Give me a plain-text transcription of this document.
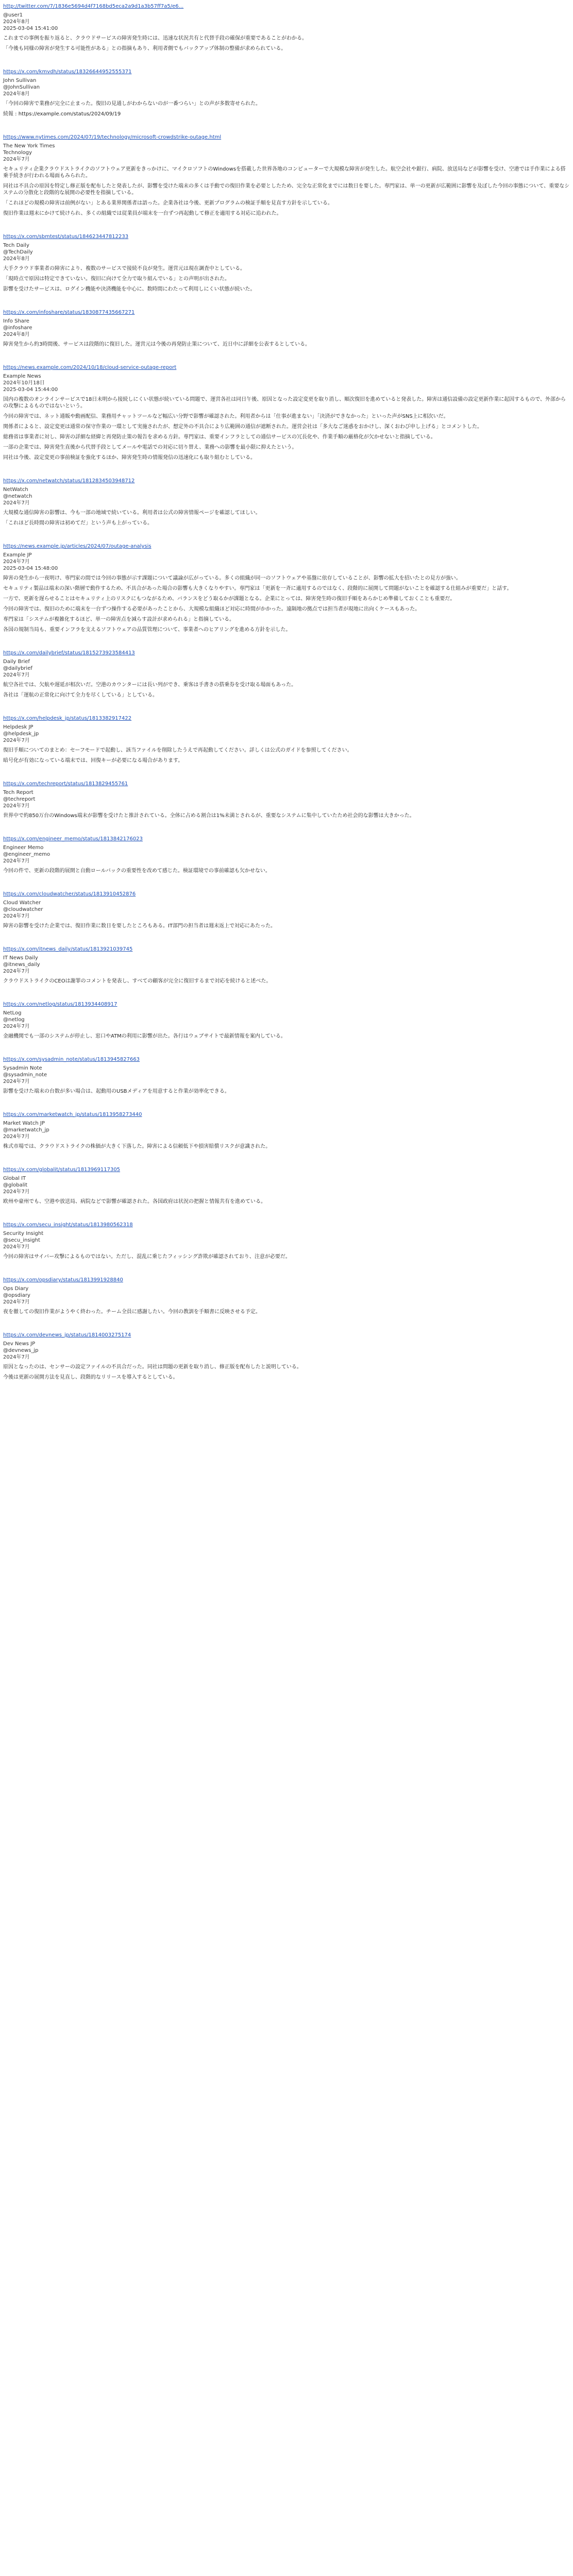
http://twitter.com/7/1836e5694d4f7168bd5eca2a9d1a3b57ff7a5/e6...
@user1
2024年8月
2025-03-04 15:41:00

これまでの事例を振り返ると、クラウドサービスの障害発生時には、迅速な状況共有と代替手段の確保が重要であることがわかる。

「今後も同様の障害が発生する可能性がある」との指摘もあり、利用者側でもバックアップ体制の整備が求められている。

https://x.com/kmvdh/status/18326644952555371
John Sullivan
@JohnSullivan
2024年8月

「今回の障害で業務が完全に止まった。復旧の見通しがわからないのが一番つらい」との声が多数寄せられた。

続報 : https://example.com/status/2024/09/19

https://www.nytimes.com/2024/07/19/technology/microsoft-crowdstrike-outage.html
The New York Times
Technology
2024年7月

セキュリティ企業クラウドストライクのソフトウェア更新をきっかけに、マイクロソフトのWindowsを搭載した世界各地のコンピューターで大規模な障害が発生した。航空会社や銀行、病院、放送局などが影響を受け、空港では手作業による搭乗手続きが行われる場面もみられた。

同社は不具合の原因を特定し修正版を配布したと発表したが、影響を受けた端末の多くは手動での復旧作業を必要としたため、完全な正常化までには数日を要した。専門家は、単一の更新が広範囲に影響を及ぼした今回の事態について、重要なシステムの分散化と段階的な展開の必要性を指摘している。

「これほどの規模の障害は前例がない」とある業界関係者は語った。企業各社は今後、更新プログラムの検証手順を見直す方針を示している。

復旧作業は週末にかけて続けられ、多くの組織では従業員が端末を一台ずつ再起動して修正を適用する対応に追われた。

https://x.com/sbmtest/status/184623447812233
Tech Daily
@TechDaily
2024年8月

大手クラウド事業者の障害により、複数のサービスで接続不良が発生。運営元は現在調査中としている。

「現時点で原因は特定できていない。復旧に向けて全力で取り組んでいる」との声明が出された。

影響を受けたサービスは、ログイン機能や決済機能を中心に、数時間にわたって利用しにくい状態が続いた。

https://x.com/infoshare/status/1830877435667271
Info Share
@infoshare
2024年8月

障害発生から約3時間後、サービスは段階的に復旧した。運営元は今後の再発防止策について、近日中に詳細を公表するとしている。

https://news.example.com/2024/10/18/cloud-service-outage-report
Example News
2024年10月18日
2025-03-04 15:44:00

国内の複数のオンラインサービスで18日未明から接続しにくい状態が続いている問題で、運営各社は同日午後、原因となった設定変更を取り消し、順次復旧を進めていると発表した。障害は通信設備の設定更新作業に起因するもので、外部からの攻撃によるものではないという。

今回の障害では、ネット通販や動画配信、業務用チャットツールなど幅広い分野で影響が確認された。利用者からは「仕事が進まない」「決済ができなかった」といった声がSNS上に相次いだ。

関係者によると、設定変更は通常の保守作業の一環として実施されたが、想定外の不具合により広範囲の通信が遮断された。運営会社は「多大なご迷惑をおかけし、深くおわび申し上げる」とコメントした。

総務省は事業者に対し、障害の詳細な経緯と再発防止策の報告を求める方針。専門家は、重要インフラとしての通信サービスの冗長化や、作業手順の厳格化が欠かせないと指摘している。

一部の企業では、障害発生直後から代替手段としてメールや電話での対応に切り替え、業務への影響を最小限に抑えたという。

同社は今後、設定変更の事前検証を強化するほか、障害発生時の情報発信の迅速化にも取り組むとしている。

https://x.com/netwatch/status/1812834503948712
NetWatch
@netwatch
2024年7月

大規模な通信障害の影響は、今も一部の地域で続いている。利用者は公式の障害情報ページを確認してほしい。

「これほど長時間の障害は初めてだ」という声も上がっている。

https://news.example.jp/articles/2024/07/outage-analysis
Example JP
2024年7月
2025-03-04 15:48:00

障害の発生から一夜明け、専門家の間では今回の事態が示す課題について議論が広がっている。多くの組織が同一のソフトウェアや基盤に依存していることが、影響の拡大を招いたとの見方が強い。

セキュリティ製品は端末の深い階層で動作するため、不具合があった場合の影響も大きくなりやすい。専門家は「更新を一斉に適用するのではなく、段階的に展開して問題がないことを確認する仕組みが重要だ」と話す。

一方で、更新を遅らせることはセキュリティ上のリスクにもつながるため、バランスをどう取るかが課題となる。企業にとっては、障害発生時の復旧手順をあらかじめ準備しておくことも重要だ。

今回の障害では、復旧のために端末を一台ずつ操作する必要があったことから、大規模な組織ほど対応に時間がかかった。遠隔地の拠点では担当者が現地に出向くケースもあった。

専門家は「システムが複雑化するほど、単一の障害点を減らす設計が求められる」と指摘している。

各国の規制当局も、重要インフラを支えるソフトウェアの品質管理について、事業者へのヒアリングを進める方針を示した。

https://x.com/dailybrief/status/1815273923584413
Daily Brief
@dailybrief
2024年7月

航空各社では、欠航や遅延が相次いだ。空港のカウンターには長い列ができ、乗客は手書きの搭乗券を受け取る場面もあった。

各社は「運航の正常化に向けて全力を尽くしている」としている。

https://x.com/helpdesk_jp/status/1813382917422
Helpdesk JP
@helpdesk_jp
2024年7月

復旧手順についてのまとめ：セーフモードで起動し、該当ファイルを削除したうえで再起動してください。詳しくは公式のガイドを参照してください。

暗号化が有効になっている端末では、回復キーが必要になる場合があります。

https://x.com/techreport/status/1813829455761
Tech Report
@techreport
2024年7月

世界中で約850万台のWindows端末が影響を受けたと推計されている。全体に占める割合は1%未満とされるが、重要なシステムに集中していたため社会的な影響は大きかった。

https://x.com/engineer_memo/status/1813842176023
Engineer Memo
@engineer_memo
2024年7月

今回の件で、更新の段階的展開と自動ロールバックの重要性を改めて感じた。検証環境での事前確認も欠かせない。

https://x.com/cloudwatcher/status/1813910452876
Cloud Watcher
@cloudwatcher
2024年7月

障害の影響を受けた企業では、復旧作業に数日を要したところもある。IT部門の担当者は週末返上で対応にあたった。

https://x.com/itnews_daily/status/1813921039745
IT News Daily
@itnews_daily
2024年7月

クラウドストライクのCEOは謝罪のコメントを発表し、すべての顧客が完全に復旧するまで対応を続けると述べた。

https://x.com/netlog/status/1813934408917
NetLog
@netlog
2024年7月

金融機関でも一部のシステムが停止し、窓口やATMの利用に影響が出た。各行はウェブサイトで最新情報を案内している。

https://x.com/sysadmin_note/status/1813945827663
Sysadmin Note
@sysadmin_note
2024年7月

影響を受けた端末の台数が多い場合は、起動用のUSBメディアを用意すると作業が効率化できる。

https://x.com/marketwatch_jp/status/1813958273440
Market Watch JP
@marketwatch_jp
2024年7月

株式市場では、クラウドストライクの株価が大きく下落した。障害による信頼低下や損害賠償リスクが意識された。

https://x.com/globalit/status/1813969117305
Global IT
@globalit
2024年7月

欧州や豪州でも、空港や放送局、病院などで影響が確認された。各国政府は状況の把握と情報共有を進めている。

https://x.com/secu_insight/status/1813980562318
Security Insight
@secu_insight
2024年7月

今回の障害はサイバー攻撃によるものではない。ただし、混乱に乗じたフィッシング詐欺が確認されており、注意が必要だ。

https://x.com/opsdiary/status/1813991928840
Ops Diary
@opsdiary
2024年7月

夜を徹しての復旧作業がようやく終わった。チーム全員に感謝したい。今回の教訓を手順書に反映させる予定。

https://x.com/devnews_jp/status/1814003275174
Dev News JP
@devnews_jp
2024年7月

原因となったのは、センサーの設定ファイルの不具合だった。同社は問題の更新を取り消し、修正版を配布したと説明している。

今後は更新の展開方法を見直し、段階的なリリースを導入するとしている。
